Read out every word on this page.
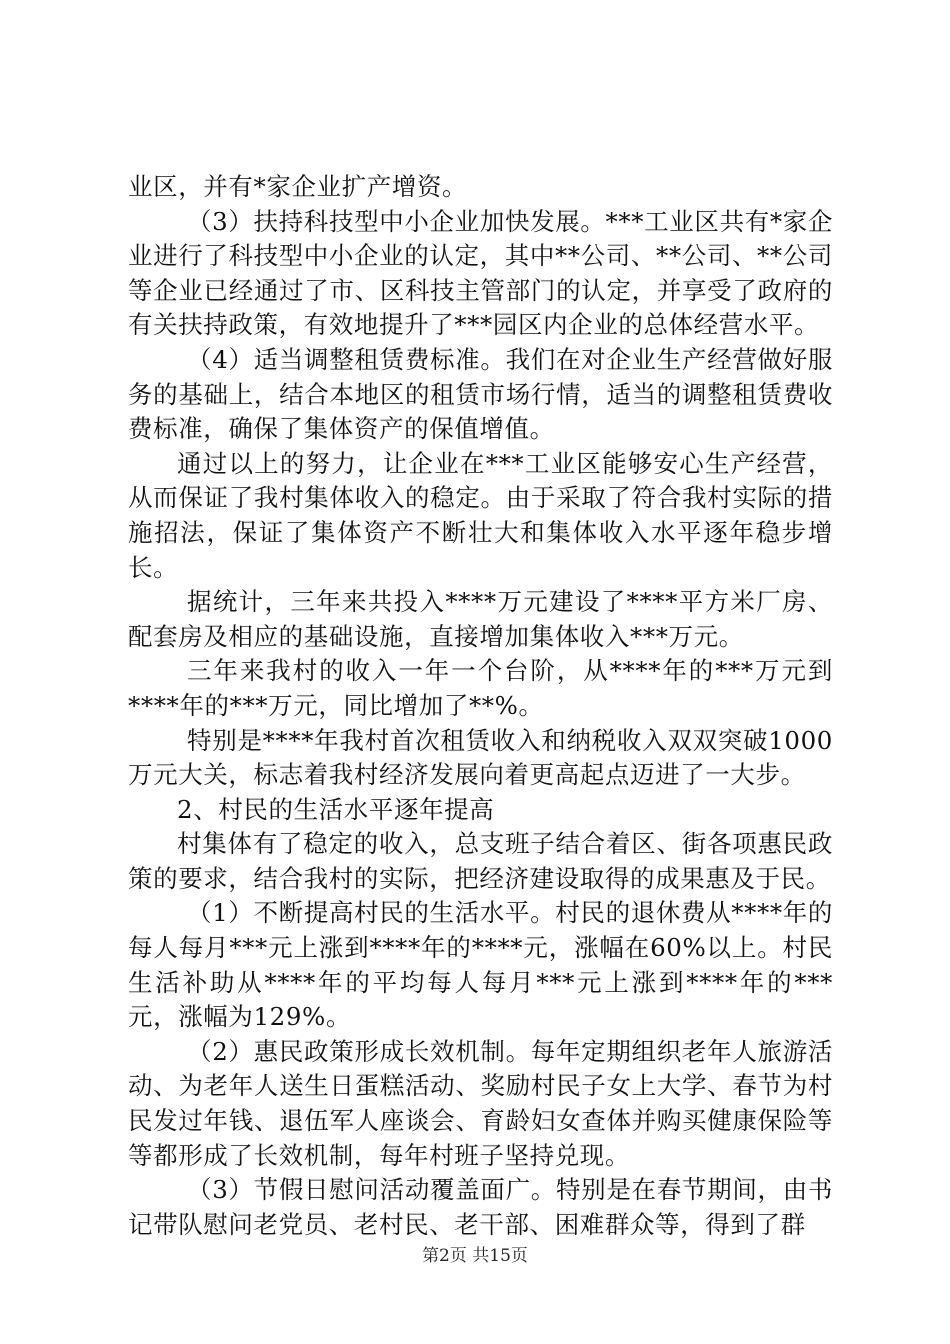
业区，并有*家企业扩产增资。

（3）扶持科技型中小企业加快发展。***工业区共有*家企业进行了科技型中小企业的认定，其中**公司、**公司、**公司等企业已经通过了市、区科技主管部门的认定，并享受了政府的有关扶持政策，有效地提升了***园区内企业的总体经营水平。

（4）适当调整租赁费标准。我们在对企业生产经营做好服务的基础上，结合本地区的租赁市场行情，适当的调整租赁费收费标准，确保了集体资产的保值增值。

通过以上的努力，让企业在***工业区能够安心生产经营，从而保证了我村集体收入的稳定。由于采取了符合我村实际的措施招法，保证了集体资产不断壮大和集体收入水平逐年稳步增长。

据统计，三年来共投入****万元建设了****平方米厂房、配套房及相应的基础设施，直接增加集体收入***万元。

三年来我村的收入一年一个台阶，从****年的***万元到****年的***万元，同比增加了**%。

特别是****年我村首次租赁收入和纳税收入双双突破1000万元大关，标志着我村经济发展向着更高起点迈进了一大步。

2、村民的生活水平逐年提高

村集体有了稳定的收入，总支班子结合着区、街各项惠民政策的要求，结合我村的实际，把经济建设取得的成果惠及于民。

（1）不断提高村民的生活水平。村民的退休费从****年的每人每月***元上涨到****年的****元，涨幅在60%以上。村民生活补助从****年的平均每人每月***元上涨到****年的***元，涨幅为129%。

（2）惠民政策形成长效机制。每年定期组织老年人旅游活动、为老年人送生日蛋糕活动、奖励村民子女上大学、春节为村民发过年钱、退伍军人座谈会、育龄妇女查体并购买健康保险等等都形成了长效机制，每年村班子坚持兑现。

（3）节假日慰问活动覆盖面广。特别是在春节期间，由书记带队慰问老党员、老村民、老干部、困难群众等，得到了群

第2页 共15页
